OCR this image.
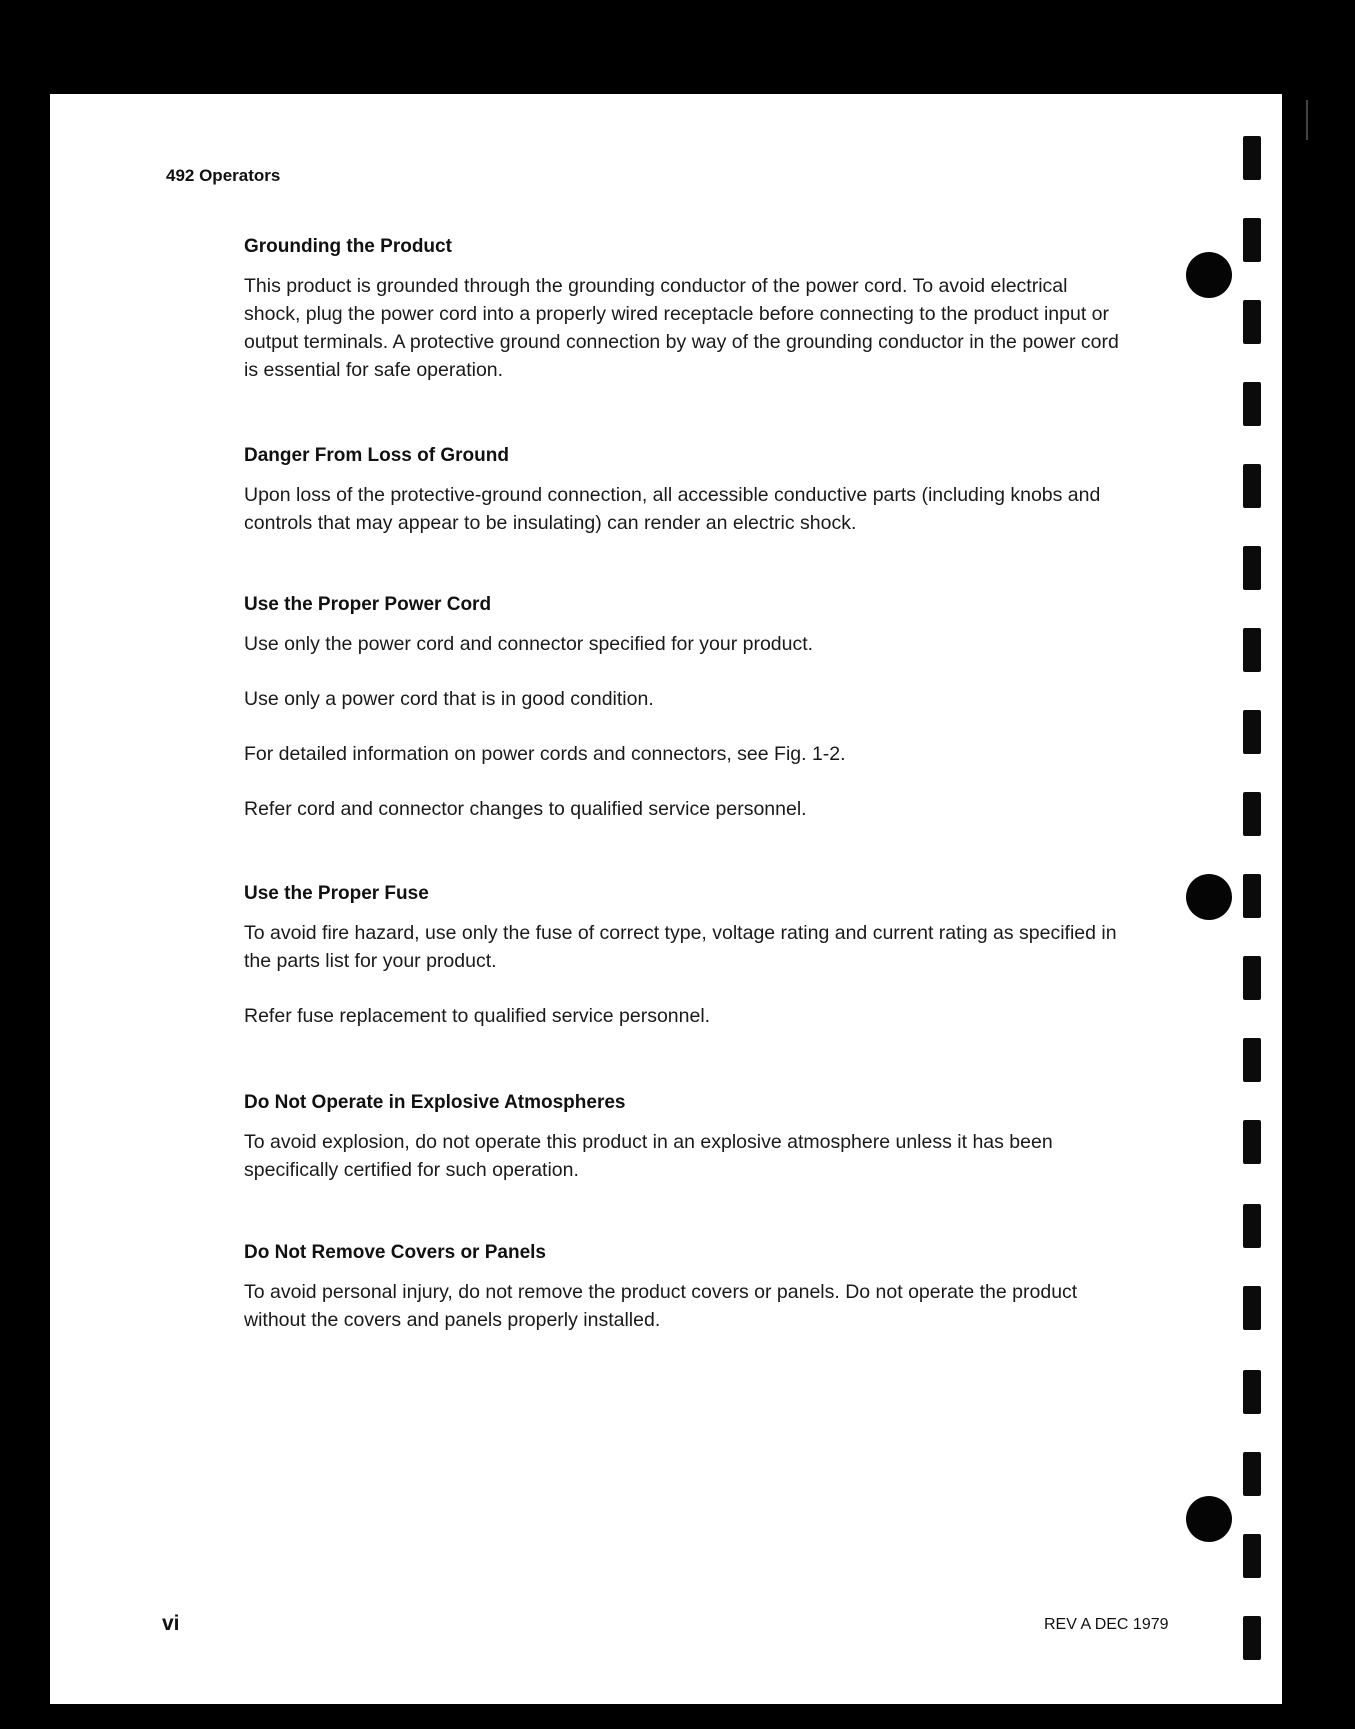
492 Operators
Grounding the Product

This product is grounded through the grounding conductor of the power cord. To avoid electrical shock, plug the power cord into a properly wired receptacle before connecting to the product input or output terminals. A protective ground connection by way of the grounding conductor in the power cord is essential for safe operation.

Danger From Loss of Ground

Upon loss of the protective-ground connection, all accessible conductive parts (including knobs and controls that may appear to be insulating) can render an electric shock.

Use the Proper Power Cord

Use only the power cord and connector specified for your product.

Use only a power cord that is in good condition.

For detailed information on power cords and connectors, see Fig. 1-2.

Refer cord and connector changes to qualified service personnel.

Use the Proper Fuse

To avoid fire hazard, use only the fuse of correct type, voltage rating and current rating as specified in the parts list for your product.

Refer fuse replacement to qualified service personnel.

Do Not Operate in Explosive Atmospheres

To avoid explosion, do not operate this product in an explosive atmosphere unless it has been specifically certified for such operation.

Do Not Remove Covers or Panels

To avoid personal injury, do not remove the product covers or panels. Do not operate the product without the covers and panels properly installed.

vi	REV A DEC 1979
